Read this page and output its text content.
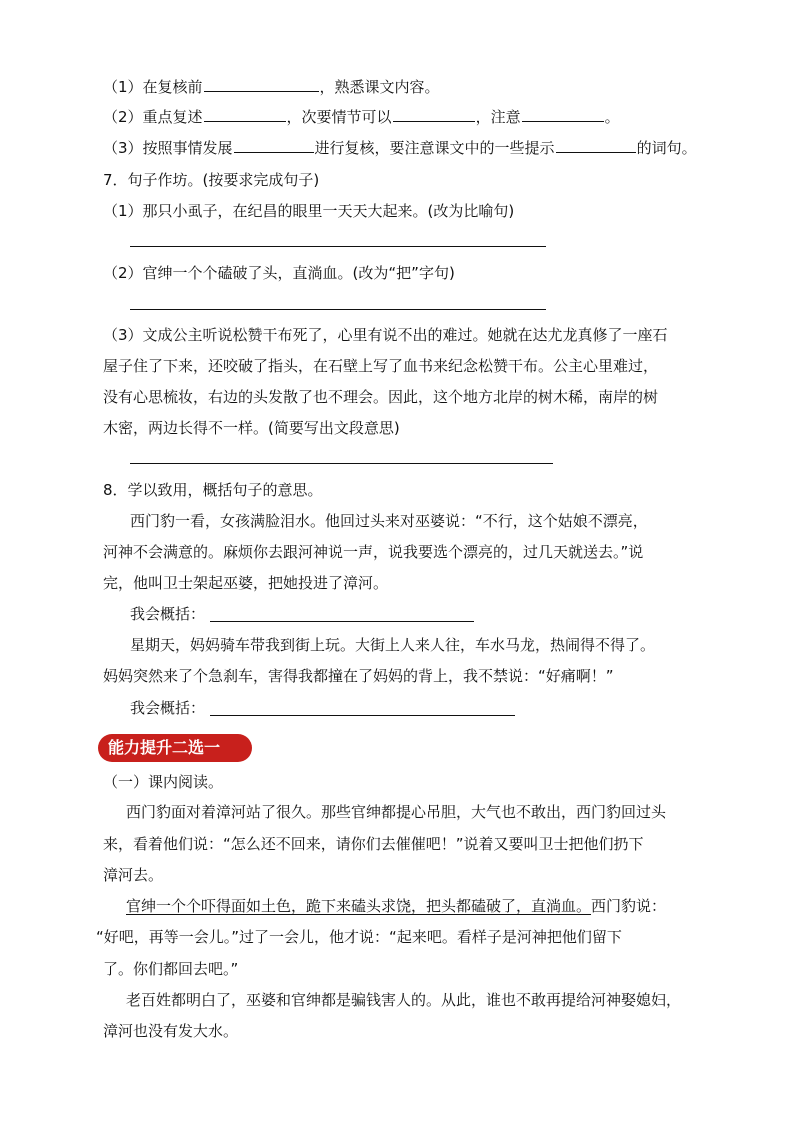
（1）在复核前	，熟悉课文内容。
（2）重点复述	，次要情节可以	，注意	。
（3）按照事情发展	进行复核，要注意课文中的一些提示	的词句。
7．句子作坊。(按要求完成句子)
（1）那只小虱子，在纪昌的眼里一天天大起来。(改为比喻句)
（2）官绅一个个磕破了头，直淌血。(改为“把”字句)
（3）文成公主听说松赞干布死了，心里有说不出的难过。她就在达尤龙真修了一座石
屋子住了下来，还咬破了指头，在石壁上写了血书来纪念松赞干布。公主心里难过，
没有心思梳妆，右边的头发散了也不理会。因此，这个地方北岸的树木稀，南岸的树
木密，两边长得不一样。(简要写出文段意思)
8．学以致用，概括句子的意思。
西门豹一看，女孩满脸泪水。他回过头来对巫婆说：“不行，这个姑娘不漂亮，
河神不会满意的。麻烦你去跟河神说一声，说我要选个漂亮的，过几天就送去。”说
完，他叫卫士架起巫婆，把她投进了漳河。
我会概括：
星期天，妈妈骑车带我到街上玩。大街上人来人往，车水马龙，热闹得不得了。
妈妈突然来了个急刹车，害得我都撞在了妈妈的背上，我不禁说：“好痛啊！”
我会概括：
能力提升二选一
（一）课内阅读。
西门豹面对着漳河站了很久。那些官绅都提心吊胆，大气也不敢出，西门豹回过头
来，看着他们说：“怎么还不回来，请你们去催催吧！”说着又要叫卫士把他们扔下
漳河去。
官绅一个个吓得面如土色，跪下来磕头求饶，把头都磕破了，直淌血。西门豹说：
“好吧，再等一会儿。”过了一会儿，他才说：“起来吧。看样子是河神把他们留下
了。你们都回去吧。”
老百姓都明白了，巫婆和官绅都是骗钱害人的。从此，谁也不敢再提给河神娶媳妇，
漳河也没有发大水。
